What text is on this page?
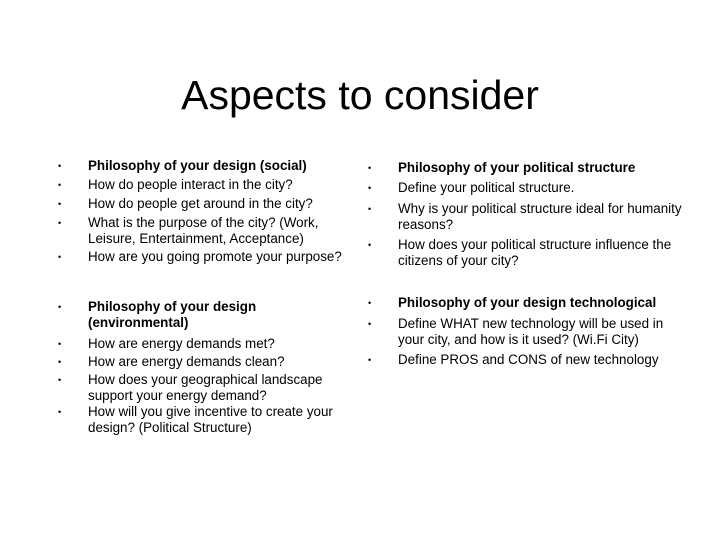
Aspects to consider
•	Philosophy of your design (social)
•	How do people interact in the city?
•	How do people get around in the city?
•	What is the purpose of the city? (Work, Leisure, Entertainment, Acceptance)
•	How are you going promote your purpose?
•	Philosophy of your design (environmental)
•	How are energy demands met?
•	How are energy demands clean?
•	How does your geographical landscape support your energy demand?
•	How will you give incentive to create your design? (Political Structure)
•	Philosophy of your political structure
•	Define your political structure.
•	Why is your political structure ideal for humanity reasons?
•	How does your political structure influence the citizens of your city?
•	Philosophy of your design technological
•	Define WHAT new technology will be used in your city, and how is it used? (Wi.Fi City)
•	Define PROS and CONS of new technology
